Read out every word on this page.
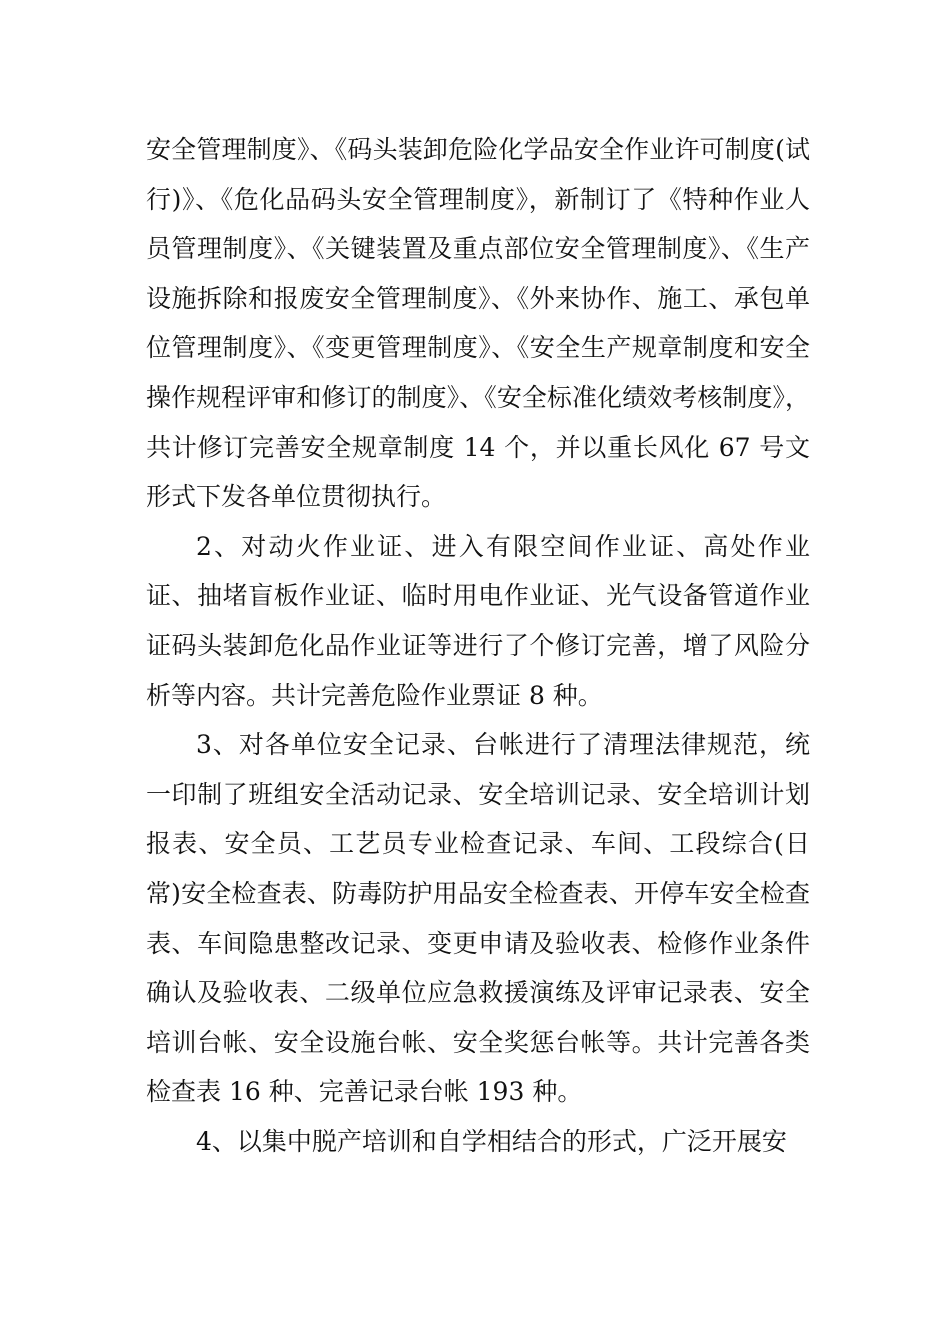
安全管理制度》、《码头装卸危险化学品安全作业许可制度(试行)》、《危化品码头安全管理制度》，新制订了《特种作业人员管理制度》、《关键装置及重点部位安全管理制度》、《生产设施拆除和报废安全管理制度》、《外来协作、施工、承包单位管理制度》、《变更管理制度》、《安全生产规章制度和安全操作规程评审和修订的制度》、《安全标准化绩效考核制度》，共计修订完善安全规章制度 14 个，并以重长风化 67 号文形式下发各单位贯彻执行。

2、对动火作业证、进入有限空间作业证、高处作业证、抽堵盲板作业证、临时用电作业证、光气设备管道作业证码头装卸危化品作业证等进行了个修订完善，增了风险分析等内容。共计完善危险作业票证 8 种。

3、对各单位安全记录、台帐进行了清理法律规范，统一印制了班组安全活动记录、安全培训记录、安全培训计划报表、安全员、工艺员专业检查记录、车间、工段综合(日常)安全检查表、防毒防护用品安全检查表、开停车安全检查表、车间隐患整改记录、变更申请及验收表、检修作业条件确认及验收表、二级单位应急救援演练及评审记录表、安全培训台帐、安全设施台帐、安全奖惩台帐等。共计完善各类检查表 16 种、完善记录台帐 193 种。

4、以集中脱产培训和自学相结合的形式，广泛开展安
